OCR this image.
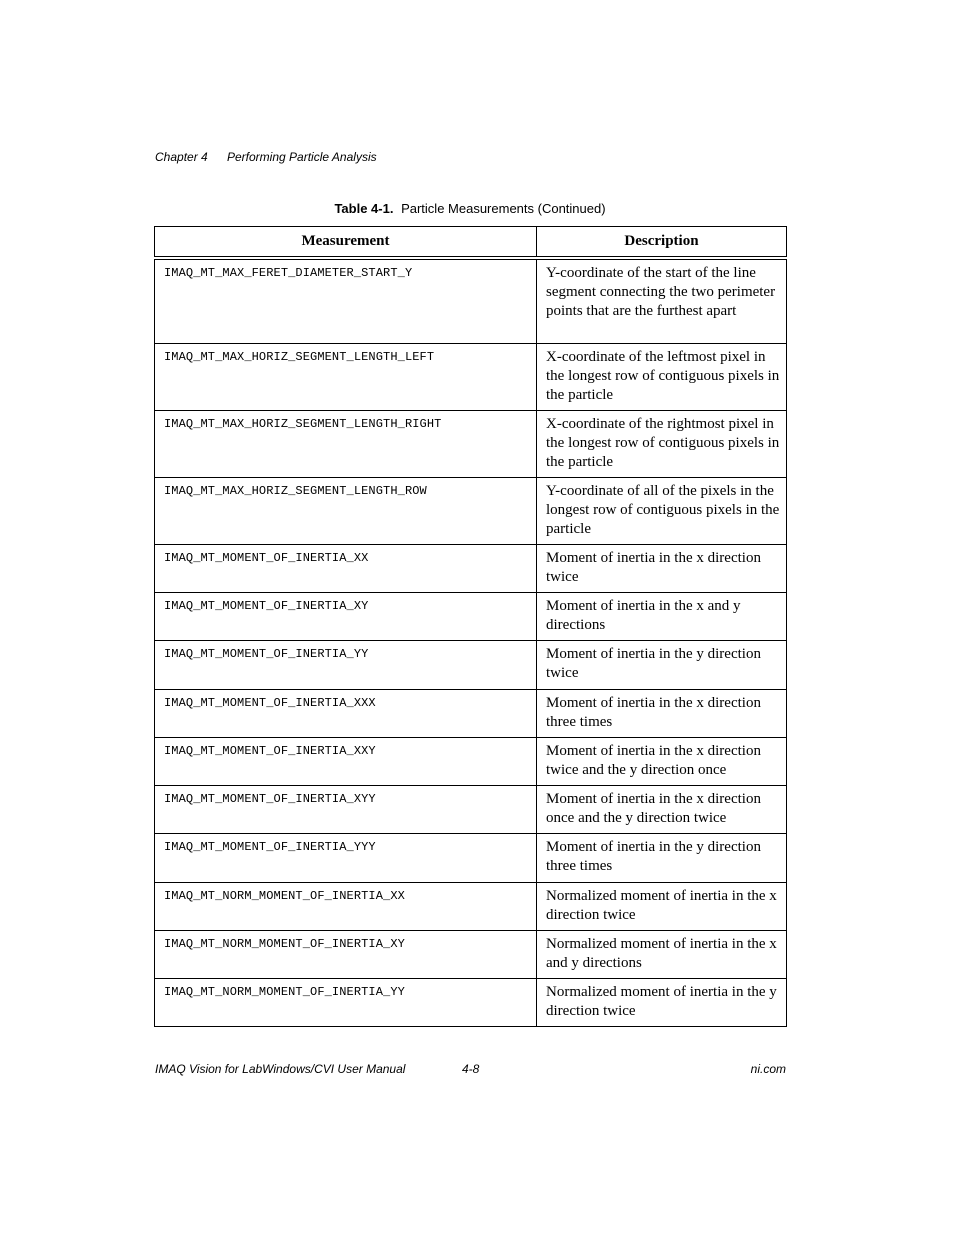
Chapter 4 Performing Particle Analysis
Table 4-1. Particle Measurements (Continued)
Measurement	Description
IMAQ_MT_MAX_FERET_DIAMETER_START_Y	Y-coordinate of the start of the line segment connecting the two perimeter points that are the furthest apart
IMAQ_MT_MAX_HORIZ_SEGMENT_LENGTH_LEFT	X-coordinate of the leftmost pixel in the longest row of contiguous pixels in the particle
IMAQ_MT_MAX_HORIZ_SEGMENT_LENGTH_RIGHT	X-coordinate of the rightmost pixel in the longest row of contiguous pixels in the particle
IMAQ_MT_MAX_HORIZ_SEGMENT_LENGTH_ROW	Y-coordinate of all of the pixels in the longest row of contiguous pixels in the particle
IMAQ_MT_MOMENT_OF_INERTIA_XX	Moment of inertia in the x direction twice
IMAQ_MT_MOMENT_OF_INERTIA_XY	Moment of inertia in the x and y directions
IMAQ_MT_MOMENT_OF_INERTIA_YY	Moment of inertia in the y direction twice
IMAQ_MT_MOMENT_OF_INERTIA_XXX	Moment of inertia in the x direction three times
IMAQ_MT_MOMENT_OF_INERTIA_XXY	Moment of inertia in the x direction twice and the y direction once
IMAQ_MT_MOMENT_OF_INERTIA_XYY	Moment of inertia in the x direction once and the y direction twice
IMAQ_MT_MOMENT_OF_INERTIA_YYY	Moment of inertia in the y direction three times
IMAQ_MT_NORM_MOMENT_OF_INERTIA_XX	Normalized moment of inertia in the x direction twice
IMAQ_MT_NORM_MOMENT_OF_INERTIA_XY	Normalized moment of inertia in the x and y directions
IMAQ_MT_NORM_MOMENT_OF_INERTIA_YY	Normalized moment of inertia in the y direction twice
IMAQ Vision for LabWindows/CVI User Manual	4-8	ni.com
